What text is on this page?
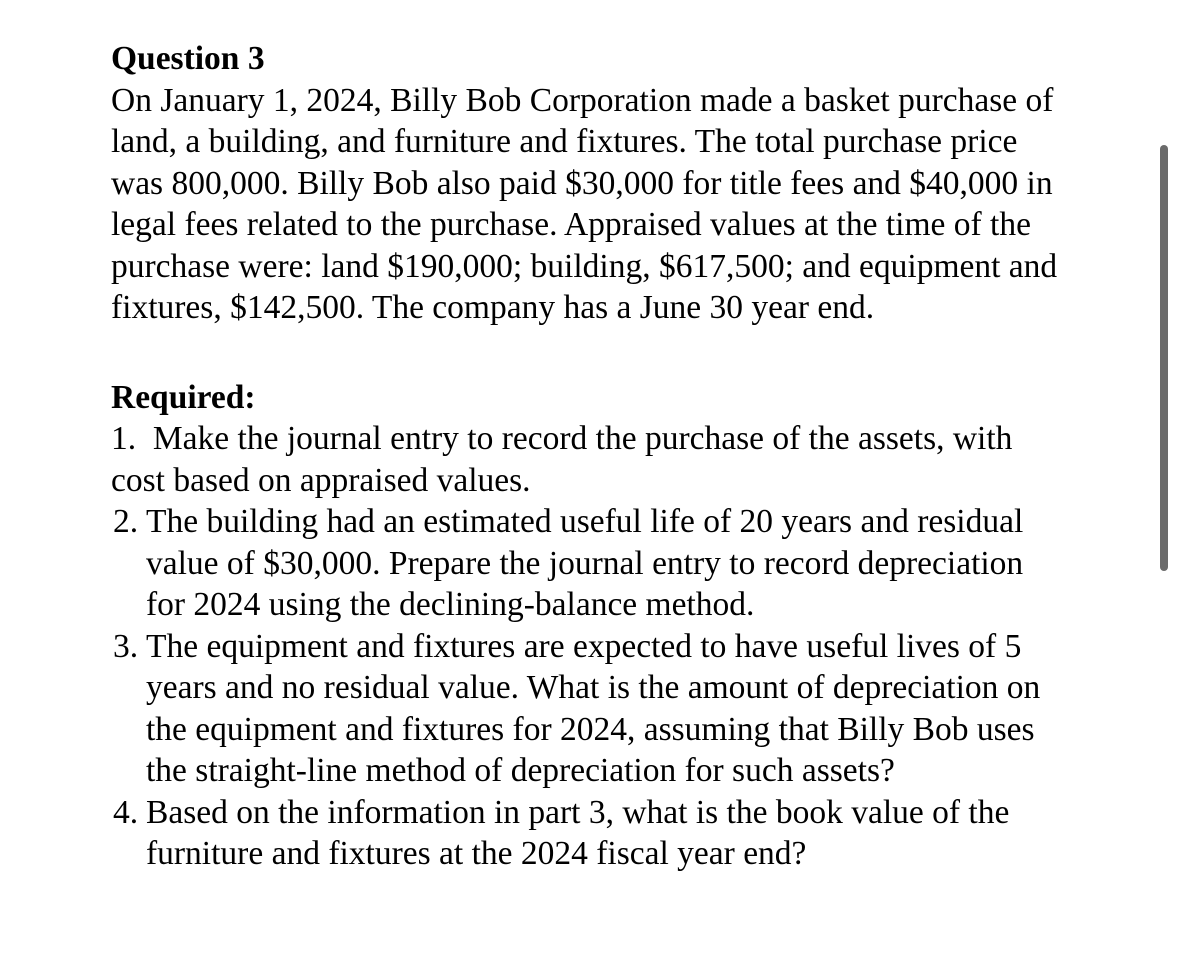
Question 3

On January 1, 2024, Billy Bob Corporation made a basket purchase of land, a building, and furniture and fixtures. The total purchase price was 800,000. Billy Bob also paid $30,000 for title fees and $40,000 in legal fees related to the purchase. Appraised values at the time of the purchase were: land $190,000; building, $617,500; and equipment and fixtures, $142,500. The company has a June 30 year end.

Required:

1. Make the journal entry to record the purchase of the assets, with cost based on appraised values.

2. The building had an estimated useful life of 20 years and residual value of $30,000. Prepare the journal entry to record depreciation for 2024 using the declining-balance method.
3. The equipment and fixtures are expected to have useful lives of 5 years and no residual value. What is the amount of depreciation on the equipment and fixtures for 2024, assuming that Billy Bob uses the straight-line method of depreciation for such assets?
4. Based on the information in part 3, what is the book value of the furniture and fixtures at the 2024 fiscal year end?
